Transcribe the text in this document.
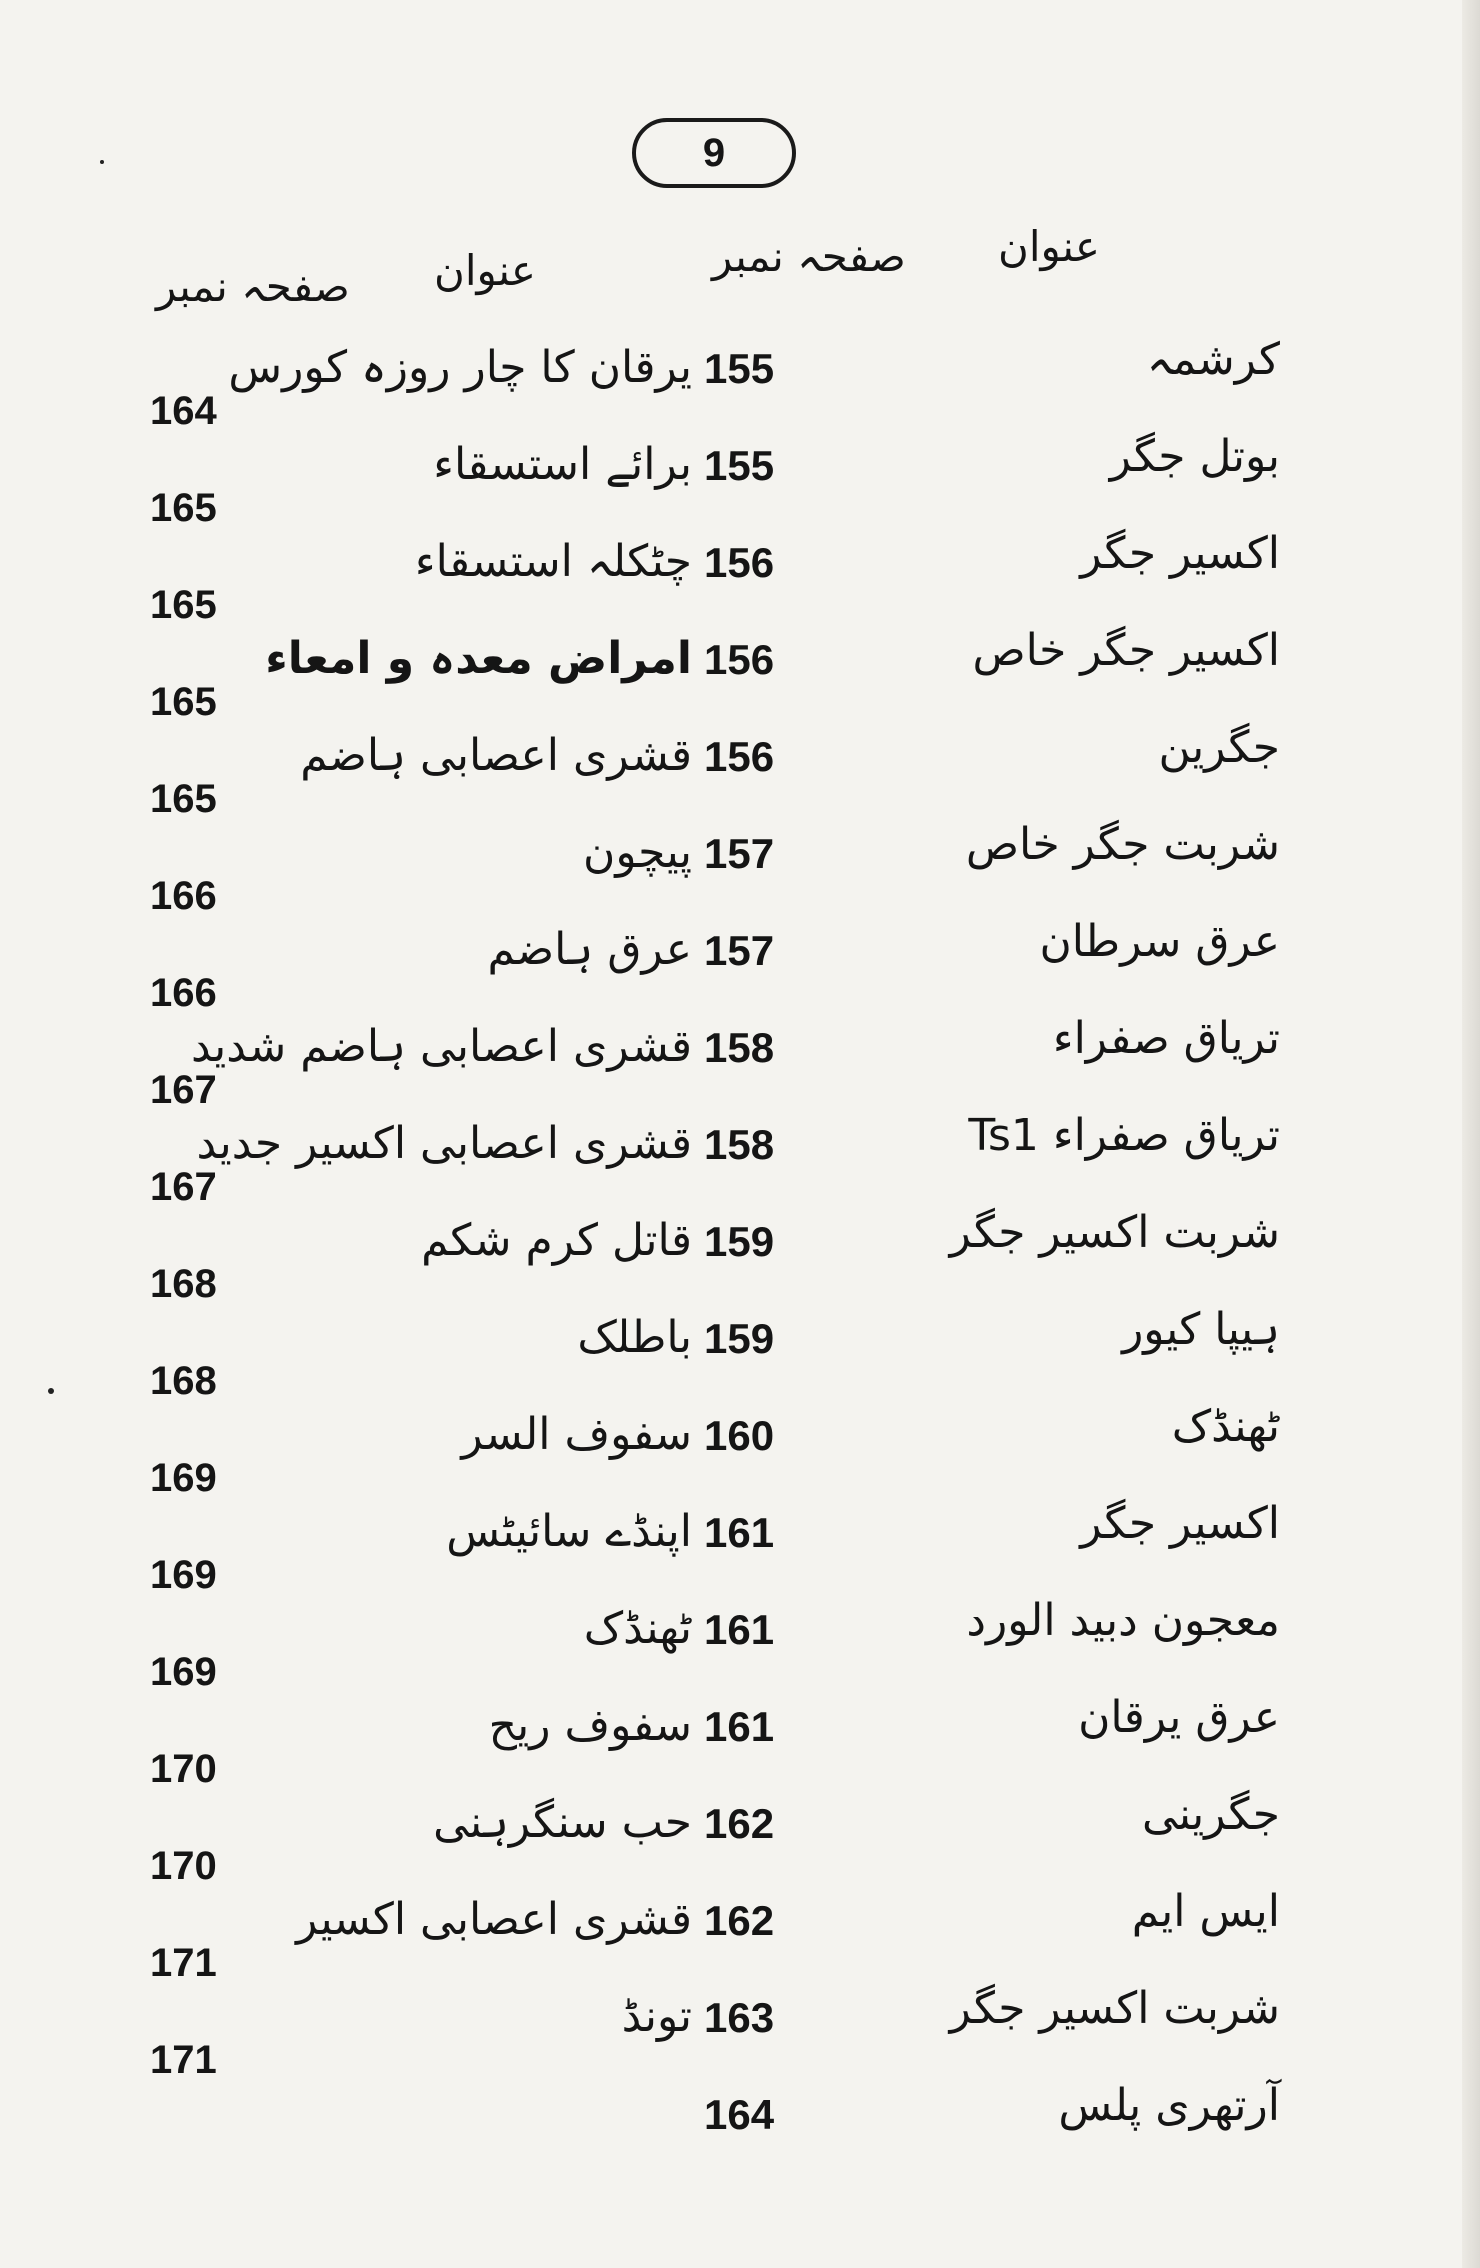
9
عنوان
صفحہ نمبر
عنوان
صفحہ نمبر
کرشمہ
155
یرقان کا چار روزہ کورس
164
بوتل جگر
155
برائے استسقاء
165
اکسیر جگر
156
چٹکلہ استسقاء
165
اکسیر جگر خاص
156
امراض معدہ و امعاء
165
جگرین
156
قشری اعصابی ہاضم
165
شربت جگر خاص
157
پیچون
166
عرق سرطان
157
عرق ہاضم
166
تریاق صفراء
158
قشری اعصابی ہاضم شدید
167
تریاق صفراء Ts1
158
قشری اعصابی اکسیر جدید
167
شربت اکسیر جگر
159
قاتل کرم شکم
168
ہیپا کیور
159
باطلک
168
ٹھنڈک
160
سفوف السر
169
اکسیر جگر
161
اپنڈے سائیٹس
169
معجون دبید الورد
161
ٹھنڈک
169
عرق یرقان
161
سفوف ریح
170
جگرینی
162
حب سنگرہنی
170
ایس ایم
162
قشری اعصابی اکسیر
171
شربت اکسیر جگر
163
تونڈ
171
آرتھری پلس
164
